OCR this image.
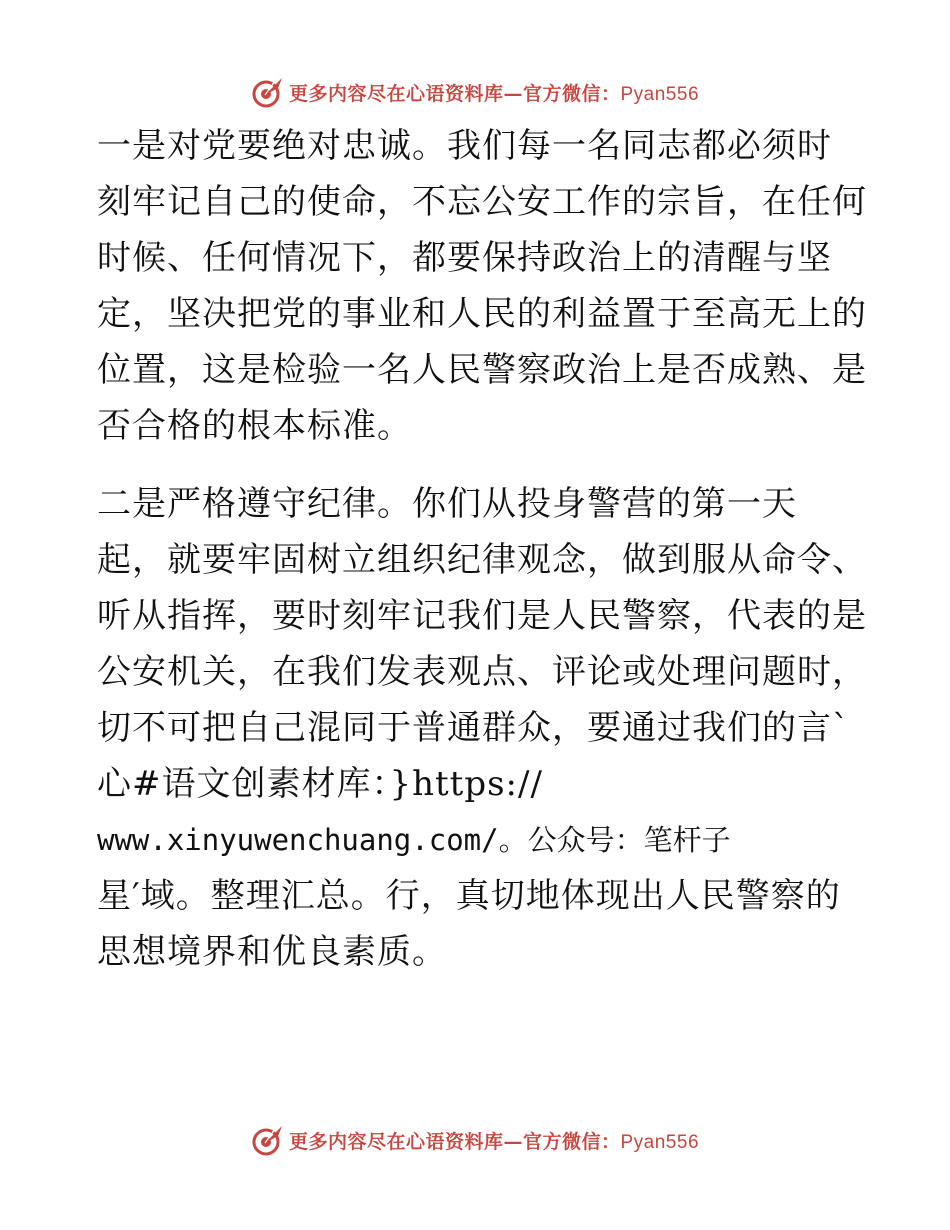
更多内容尽在心语资料库—官方微信：Pyan556
一是对党要绝对忠诚。我们每一名同志都必须时
刻牢记自己的使命，不忘公安工作的宗旨，在任何
时候、任何情况下，都要保持政治上的清醒与坚
定，坚决把党的事业和人民的利益置于至高无上的
位置，这是检验一名人民警察政治上是否成熟、是
否合格的根本标准。
二是严格遵守纪律。你们从投身警营的第一天
起，就要牢固树立组织纪律观念，做到服从命令、
听从指挥，要时刻牢记我们是人民警察，代表的是
公安机关，在我们发表观点、评论或处理问题时，
切不可把自己混同于普通群众，要通过我们的言`
心#语文创素材库：}https://
www.xinyuwenchuang.com/。公众号：笔杆子
星′域。整理汇总。行，真切地体现出人民警察的
思想境界和优良素质。
更多内容尽在心语资料库—官方微信：Pyan556
